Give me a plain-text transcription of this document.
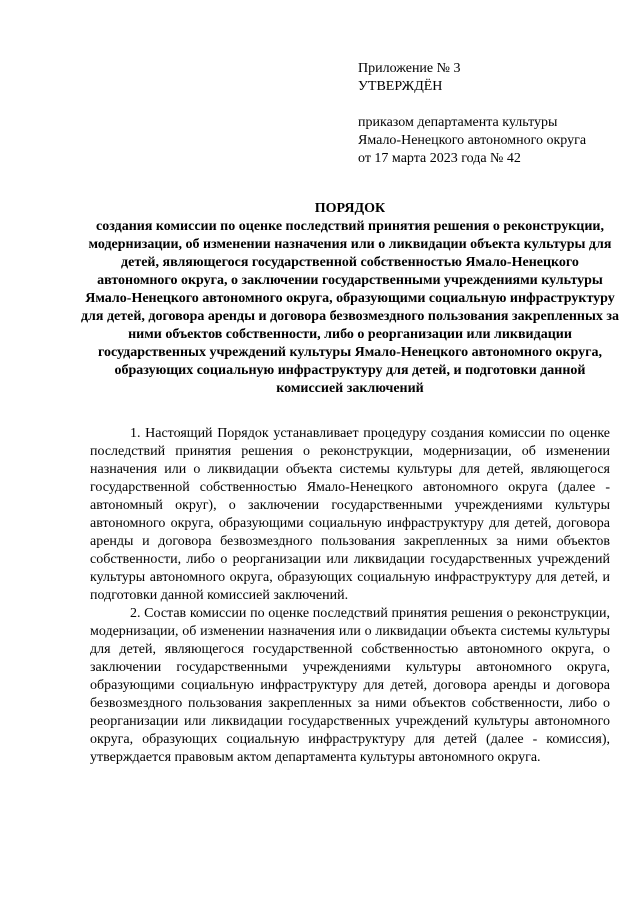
Приложение № 3
УТВЕРЖДЁН
приказом департамента культуры
Ямало-Ненецкого автономного округа
от 17 марта 2023 года № 42
ПОРЯДОК
создания комиссии по оценке последствий принятия решения о реконструкции, модернизации, об изменении назначения или о ликвидации объекта культуры для детей, являющегося государственной собственностью Ямало-Ненецкого автономного округа, о заключении государственными учреждениями культуры Ямало-Ненецкого автономного округа, образующими социальную инфраструктуру для детей, договора аренды и договора безвозмездного пользования закрепленных за ними объектов собственности, либо о реорганизации или ликвидации государственных учреждений культуры Ямало-Ненецкого автономного округа, образующих социальную инфраструктуру для детей, и подготовки данной комиссией заключений

1. Настоящий Порядок устанавливает процедуру создания комиссии по оценке последствий принятия решения о реконструкции, модернизации, об изменении назначения или о ликвидации объекта системы культуры для детей, являющегося государственной собственностью Ямало-Ненецкого автономного округа (далее - автономный округ), о заключении государственными учреждениями культуры автономного округа, образующими социальную инфраструктуру для детей, договора аренды и договора безвозмездного пользования закрепленных за ними объектов собственности, либо о реорганизации или ликвидации государственных учреждений культуры автономного округа, образующих социальную инфраструктуру для детей, и подготовки данной комиссией заключений.

2. Состав комиссии по оценке последствий принятия решения о реконструкции, модернизации, об изменении назначения или о ликвидации объекта системы культуры для детей, являющегося государственной собственностью автономного округа, о заключении государственными учреждениями культуры автономного округа, образующими социальную инфраструктуру для детей, договора аренды и договора безвозмездного пользования закрепленных за ними объектов собственности, либо о реорганизации или ликвидации государственных учреждений культуры автономного округа, образующих социальную инфраструктуру для детей (далее - комиссия), утверждается правовым актом департамента культуры автономного округа.
